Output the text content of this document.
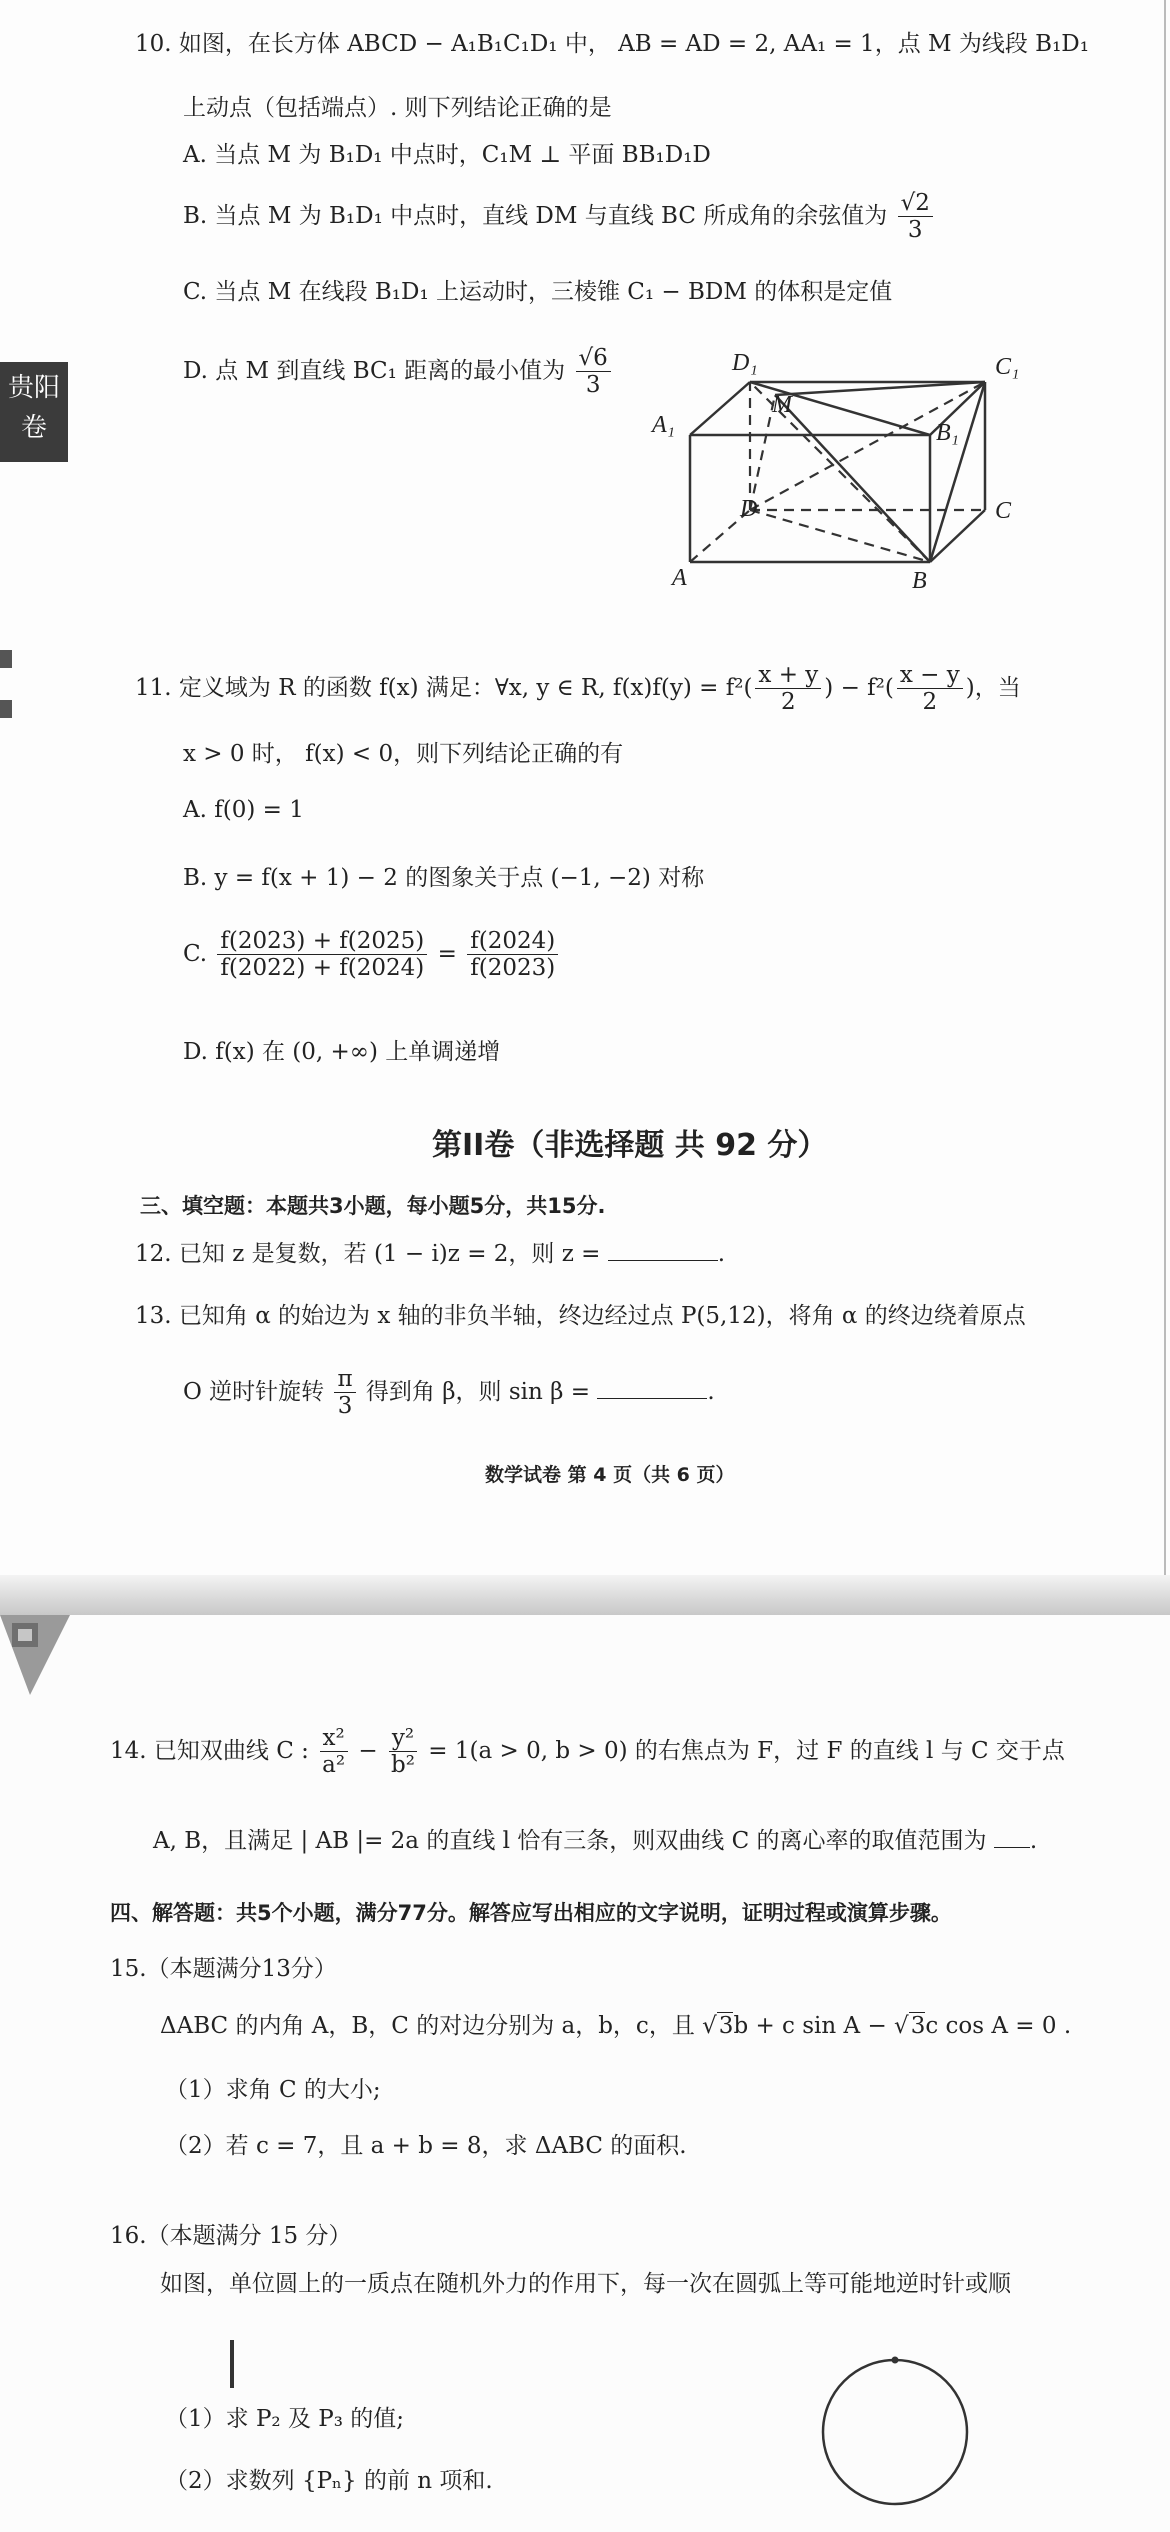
贵阳
卷
10. 如图，在长方体 ABCD − A₁B₁C₁D₁ 中， AB = AD = 2, AA₁ = 1，点 M 为线段 B₁D₁
上动点（包括端点）. 则下列结论正确的是
A. 当点 M 为 B₁D₁ 中点时，C₁M ⊥ 平面 BB₁D₁D
B. 当点 M 为 B₁D₁ 中点时，直线 DM 与直线 BC 所成角的余弦值为 $\frac{√2}{3}$
C. 当点 M 在线段 B₁D₁ 上运动时，三棱锥 C₁ − BDM 的体积是定值
D. 点 M 到直线 BC₁ 距离的最小值为 $\frac{√6}{3}$	D₁
M
C₁
A₁	B₁
D	C
A	B
11. 定义域为 R 的函数 f(x) 满足：∀x, y ∈ R, $f(x)f(y) = f^2( \frac{x + y}{2}$ ) − $f^2( \frac{x - y}{2}$ )，当
x > 0 时， f(x) < 0，则下列结论正确的有
A. f(0) = 1
B. y = f(x + 1) − 2 的图象关于点 (−1, −2) 对称
C. $\frac{f(2023) + f(2025)}{f(2022) + f(2024)} = \frac{f(2024)}{f(2023)}$
D. f(x) 在 (0, +∞) 上单调递增
第II卷（非选择题 共 92 分）
三、填空题：本题共3小题，每小题5分，共15分.
12. 已知 z 是复数，若 (1 − i)z = 2，则 z =	.
13. 已知角 α 的始边为 x 轴的非负半轴，终边经过点 P(5,12)，将角 α 的终边绕着原点
O 逆时针旋转 $\frac{\pi}{3}$ 得到角 β，则 sin β =	.
数学试卷 第 4 页（共 6 页）
14. 已知双曲线 C : $\frac{\text{x²}}{\text{a²}} - \frac{\text{y²}}{\text{b²}} = 1(a > 0$, b > 0) 的右焦点为 F，过 F 的直线 l 与 C 交于点
A, B，且满足 | AB |= 2a 的直线 l 恰有三条，则双曲线 C 的离心率的取值范围为 .
四、解答题：共5个小题，满分77分。解答应写出相应的文字说明，证明过程或演算步骤。
15.（本题满分13分）
ΔABC 的内角 A，B，C 的对边分别为 a，b，c，且 √3b + c sin A − √3c cos A = 0 .
（1）求角 C 的大小;
（2）若 c = 7，且 a + b = 8，求 ΔABC 的面积.
16.（本题满分 15 分）
如图，单位圆上的一质点在随机外力的作用下，每一次在圆弧上等可能地逆时针或顺
（1）求 P₂ 及 P₃ 的值;
（2）求数列 {Pₙ} 的前 n 项和.
